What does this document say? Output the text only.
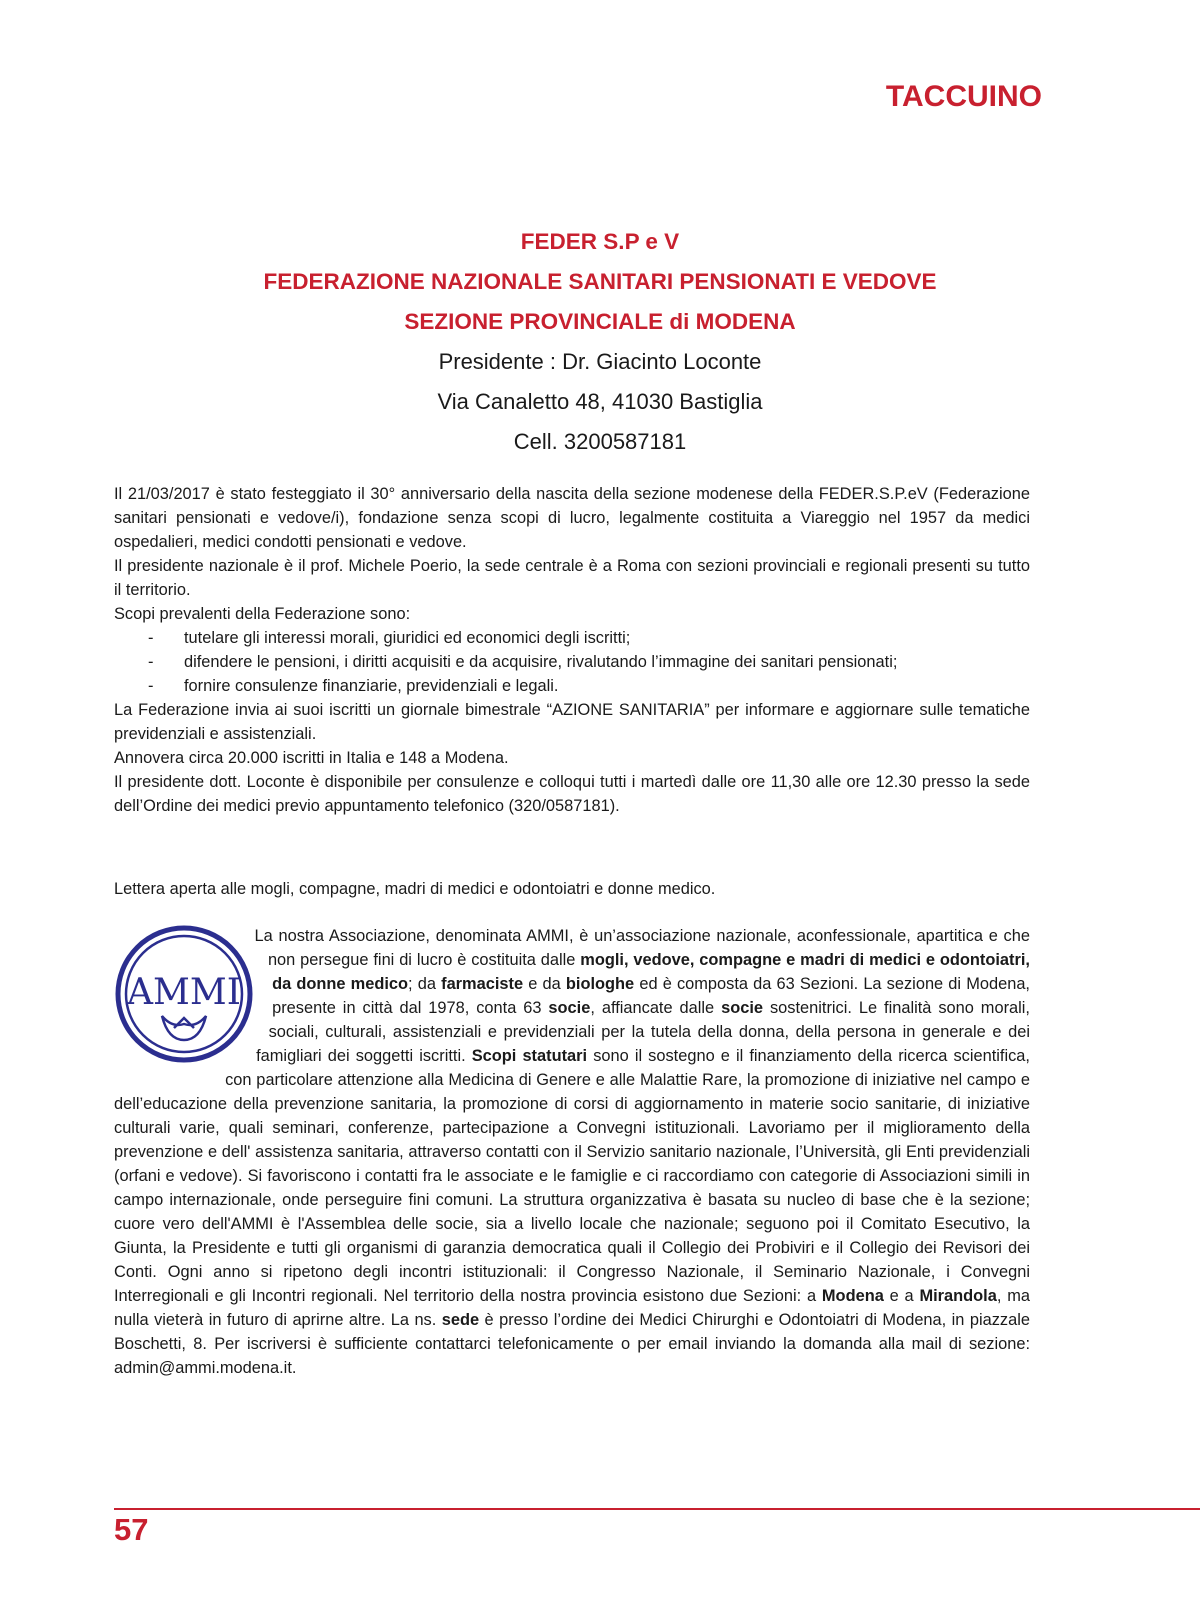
TACCUINO
FEDER S.P e V
FEDERAZIONE NAZIONALE SANITARI PENSIONATI E VEDOVE
SEZIONE PROVINCIALE di MODENA
Presidente : Dr. Giacinto Loconte
Via Canaletto 48, 41030 Bastiglia
Cell. 3200587181

Il 21/03/2017 è stato festeggiato il 30° anniversario della nascita della sezione modenese della FEDER.S.P.eV (Federazione sanitari pensionati e vedove/i), fondazione senza scopi di lucro, legalmente costituita a Viareggio nel 1957 da medici ospedalieri, medici condotti pensionati e vedove.

Il presidente nazionale è il prof. Michele Poerio, la sede centrale è a Roma con sezioni provinciali e regionali presenti su tutto il territorio.

Scopi prevalenti della Federazione sono:

- tutelare gli interessi morali, giuridici ed economici degli iscritti;
- difendere le pensioni, i diritti acquisiti e da acquisire, rivalutando l’immagine dei sanitari pensionati;
- fornire consulenze finanziarie, previdenziali e legali.

La Federazione invia ai suoi iscritti un giornale bimestrale “AZIONE SANITARIA” per informare e aggiornare sulle tematiche previdenziali e assistenziali.

Annovera circa 20.000 iscritti in Italia e 148 a Modena.

Il presidente dott. Loconte è disponibile per consulenze e colloqui tutti i martedì dalle ore 11,30 alle ore 12.30 presso la sede dell’Ordine dei medici previo appuntamento telefonico (320/0587181).

Lettera aperta alle mogli, compagne, madri di medici e odontoiatri e donne medico.
AMMI
La nostra Associazione, denominata AMMI, è un’associazione nazionale, aconfessionale, apartitica e che non persegue fini di lucro è costituita dalle mogli, vedove, compagne e madri di medici e odontoiatri, da donne medico; da farmaciste e da biologhe ed è composta da 63 Sezioni. La sezione di Modena, presente in città dal 1978, conta 63 socie, affiancate dalle socie sostenitrici. Le finalità sono morali, sociali, culturali, assistenziali e previdenziali per la tutela della donna, della persona in generale e dei famigliari dei soggetti iscritti. Scopi statutari sono il sostegno e il finanziamento della ricerca scientifica, con particolare attenzione alla Medicina di Genere e alle Malattie Rare, la promozione di iniziative nel campo e dell’educazione della prevenzione sanitaria, la promozione di corsi di aggiornamento in materie socio sanitarie, di iniziative culturali varie, quali seminari, conferenze, partecipazione a Convegni istituzionali. Lavoriamo per il miglioramento della prevenzione e dell' assistenza sanitaria, attraverso contatti con il Servizio sanitario nazionale, l’Università, gli Enti previdenziali (orfani e vedove). Si favoriscono i contatti fra le associate e le famiglie e ci raccordiamo con categorie di Associazioni simili in campo internazionale, onde perseguire fini comuni. La struttura organizzativa è basata su nucleo di base che è la sezione; cuore vero dell'AMMI è l'Assemblea delle socie, sia a livello locale che nazionale; seguono poi il Comitato Esecutivo, la Giunta, la Presidente e tutti gli organismi di garanzia democratica quali il Collegio dei Probiviri e il Collegio dei Revisori dei Conti. Ogni anno si ripetono degli incontri istituzionali: il Congresso Nazionale, il Seminario Nazionale, i Convegni Interregionali e gli Incontri regionali. Nel territorio della nostra provincia esistono due Sezioni: a Modena e a Mirandola, ma nulla vieterà in futuro di aprirne altre. La ns. sede è presso l’ordine dei Medici Chirurghi e Odontoiatri di Modena, in piazzale Boschetti, 8. Per iscriversi è sufficiente contattarci telefonicamente o per email inviando la domanda alla mail di sezione: admin@ammi.modena.it.
57
